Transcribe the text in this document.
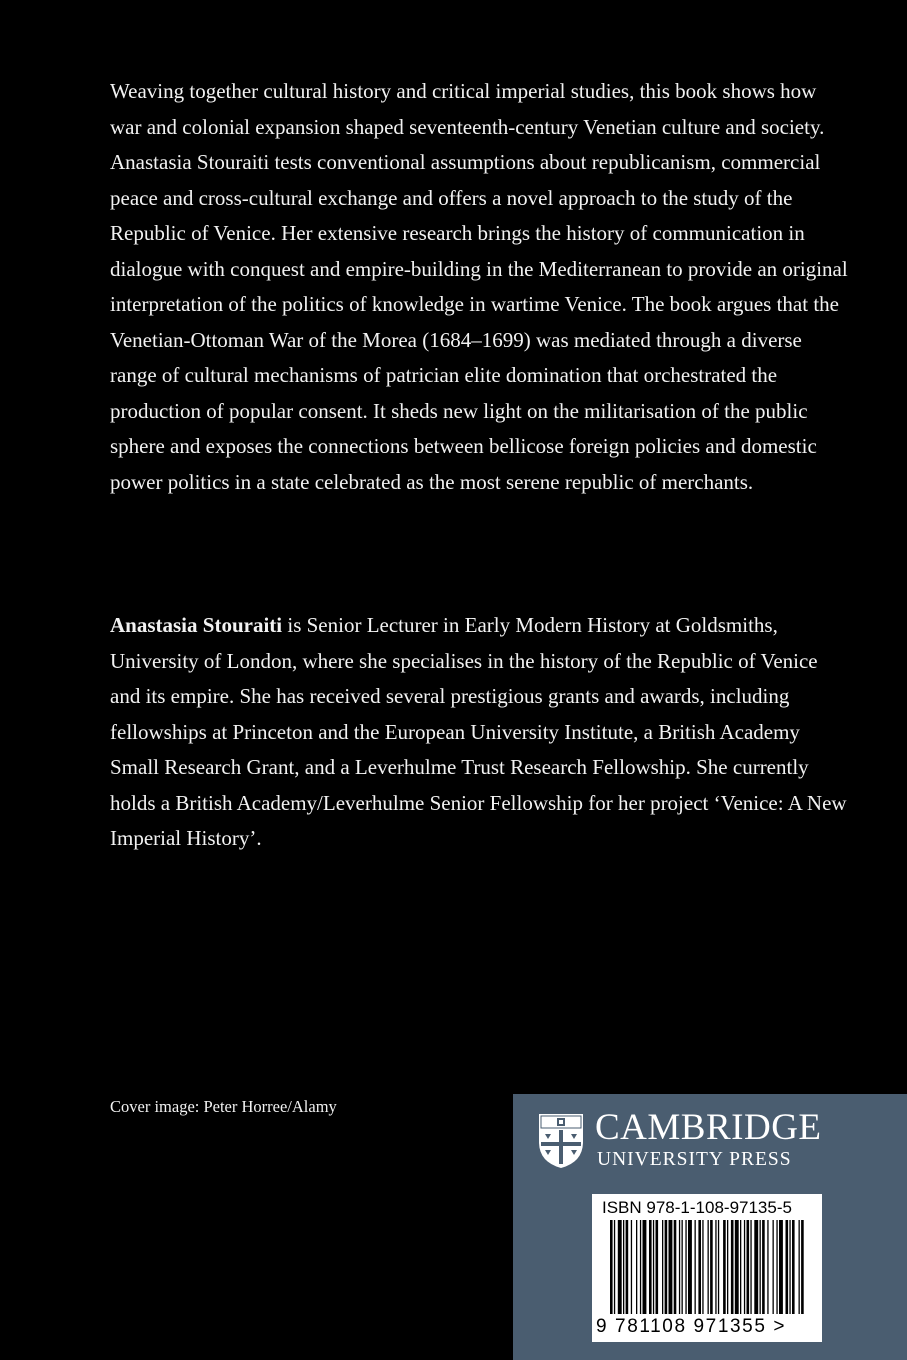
Weaving together cultural history and critical imperial studies, this book shows how war and colonial expansion shaped seventeenth-century Venetian culture and society. Anastasia Stouraiti tests conventional assumptions about republicanism, commercial peace and cross-cultural exchange and offers a novel approach to the study of the Republic of Venice. Her extensive research brings the history of communication in dialogue with conquest and empire-building in the Mediterranean to provide an original interpretation of the politics of knowledge in wartime Venice. The book argues that the Venetian-Ottoman War of the Morea (1684–1699) was mediated through a diverse range of cultural mechanisms of patrician elite domination that orchestrated the production of popular consent. It sheds new light on the militarisation of the public sphere and exposes the connections between bellicose foreign policies and domestic power politics in a state celebrated as the most serene republic of merchants.

Anastasia Stouraiti is Senior Lecturer in Early Modern History at Goldsmiths, University of London, where she specialises in the history of the Republic of Venice and its empire. She has received several prestigious grants and awards, including fellowships at Princeton and the European University Institute, a British Academy Small Research Grant, and a Leverhulme Trust Research Fellowship. She currently holds a British Academy/Leverhulme Senior Fellowship for her project ‘Venice: A New Imperial History’.

Cover image: Peter Horree/Alamy

CAMBRIDGE
UNIVERSITY PRESS
ISBN 978-1-108-97135-5
9 781108 971355 >
